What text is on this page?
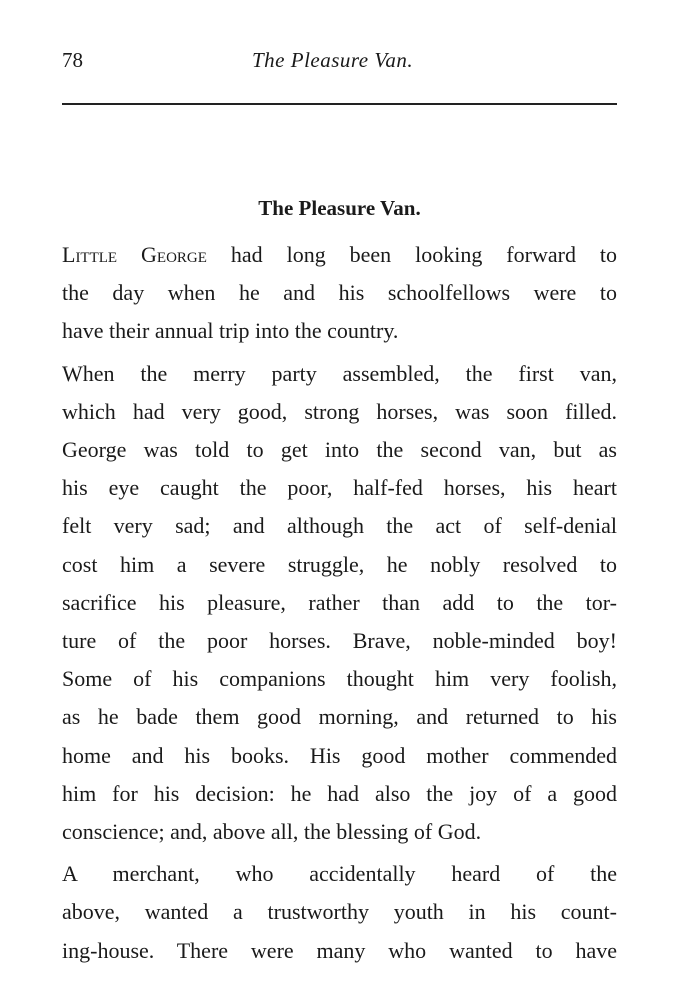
78	The Pleasure Van.
The Pleasure Van.

Little George had long been looking forward to
the day when he and his schoolfellows were to
have their annual trip into the country.

When the merry party assembled, the first van,
which had very good, strong horses, was soon filled.
George was told to get into the second van, but as
his eye caught the poor, half-fed horses, his heart
felt very sad; and although the act of self-denial
cost him a severe struggle, he nobly resolved to
sacrifice his pleasure, rather than add to the tor-
ture of the poor horses. Brave, noble-minded boy!
Some of his companions thought him very foolish,
as he bade them good morning, and returned to his
home and his books. His good mother commended
him for his decision: he had also the joy of a good
conscience; and, above all, the blessing of God.

A merchant, who accidentally heard of the
above, wanted a trustworthy youth in his count-
ing-house. There were many who wanted to have
